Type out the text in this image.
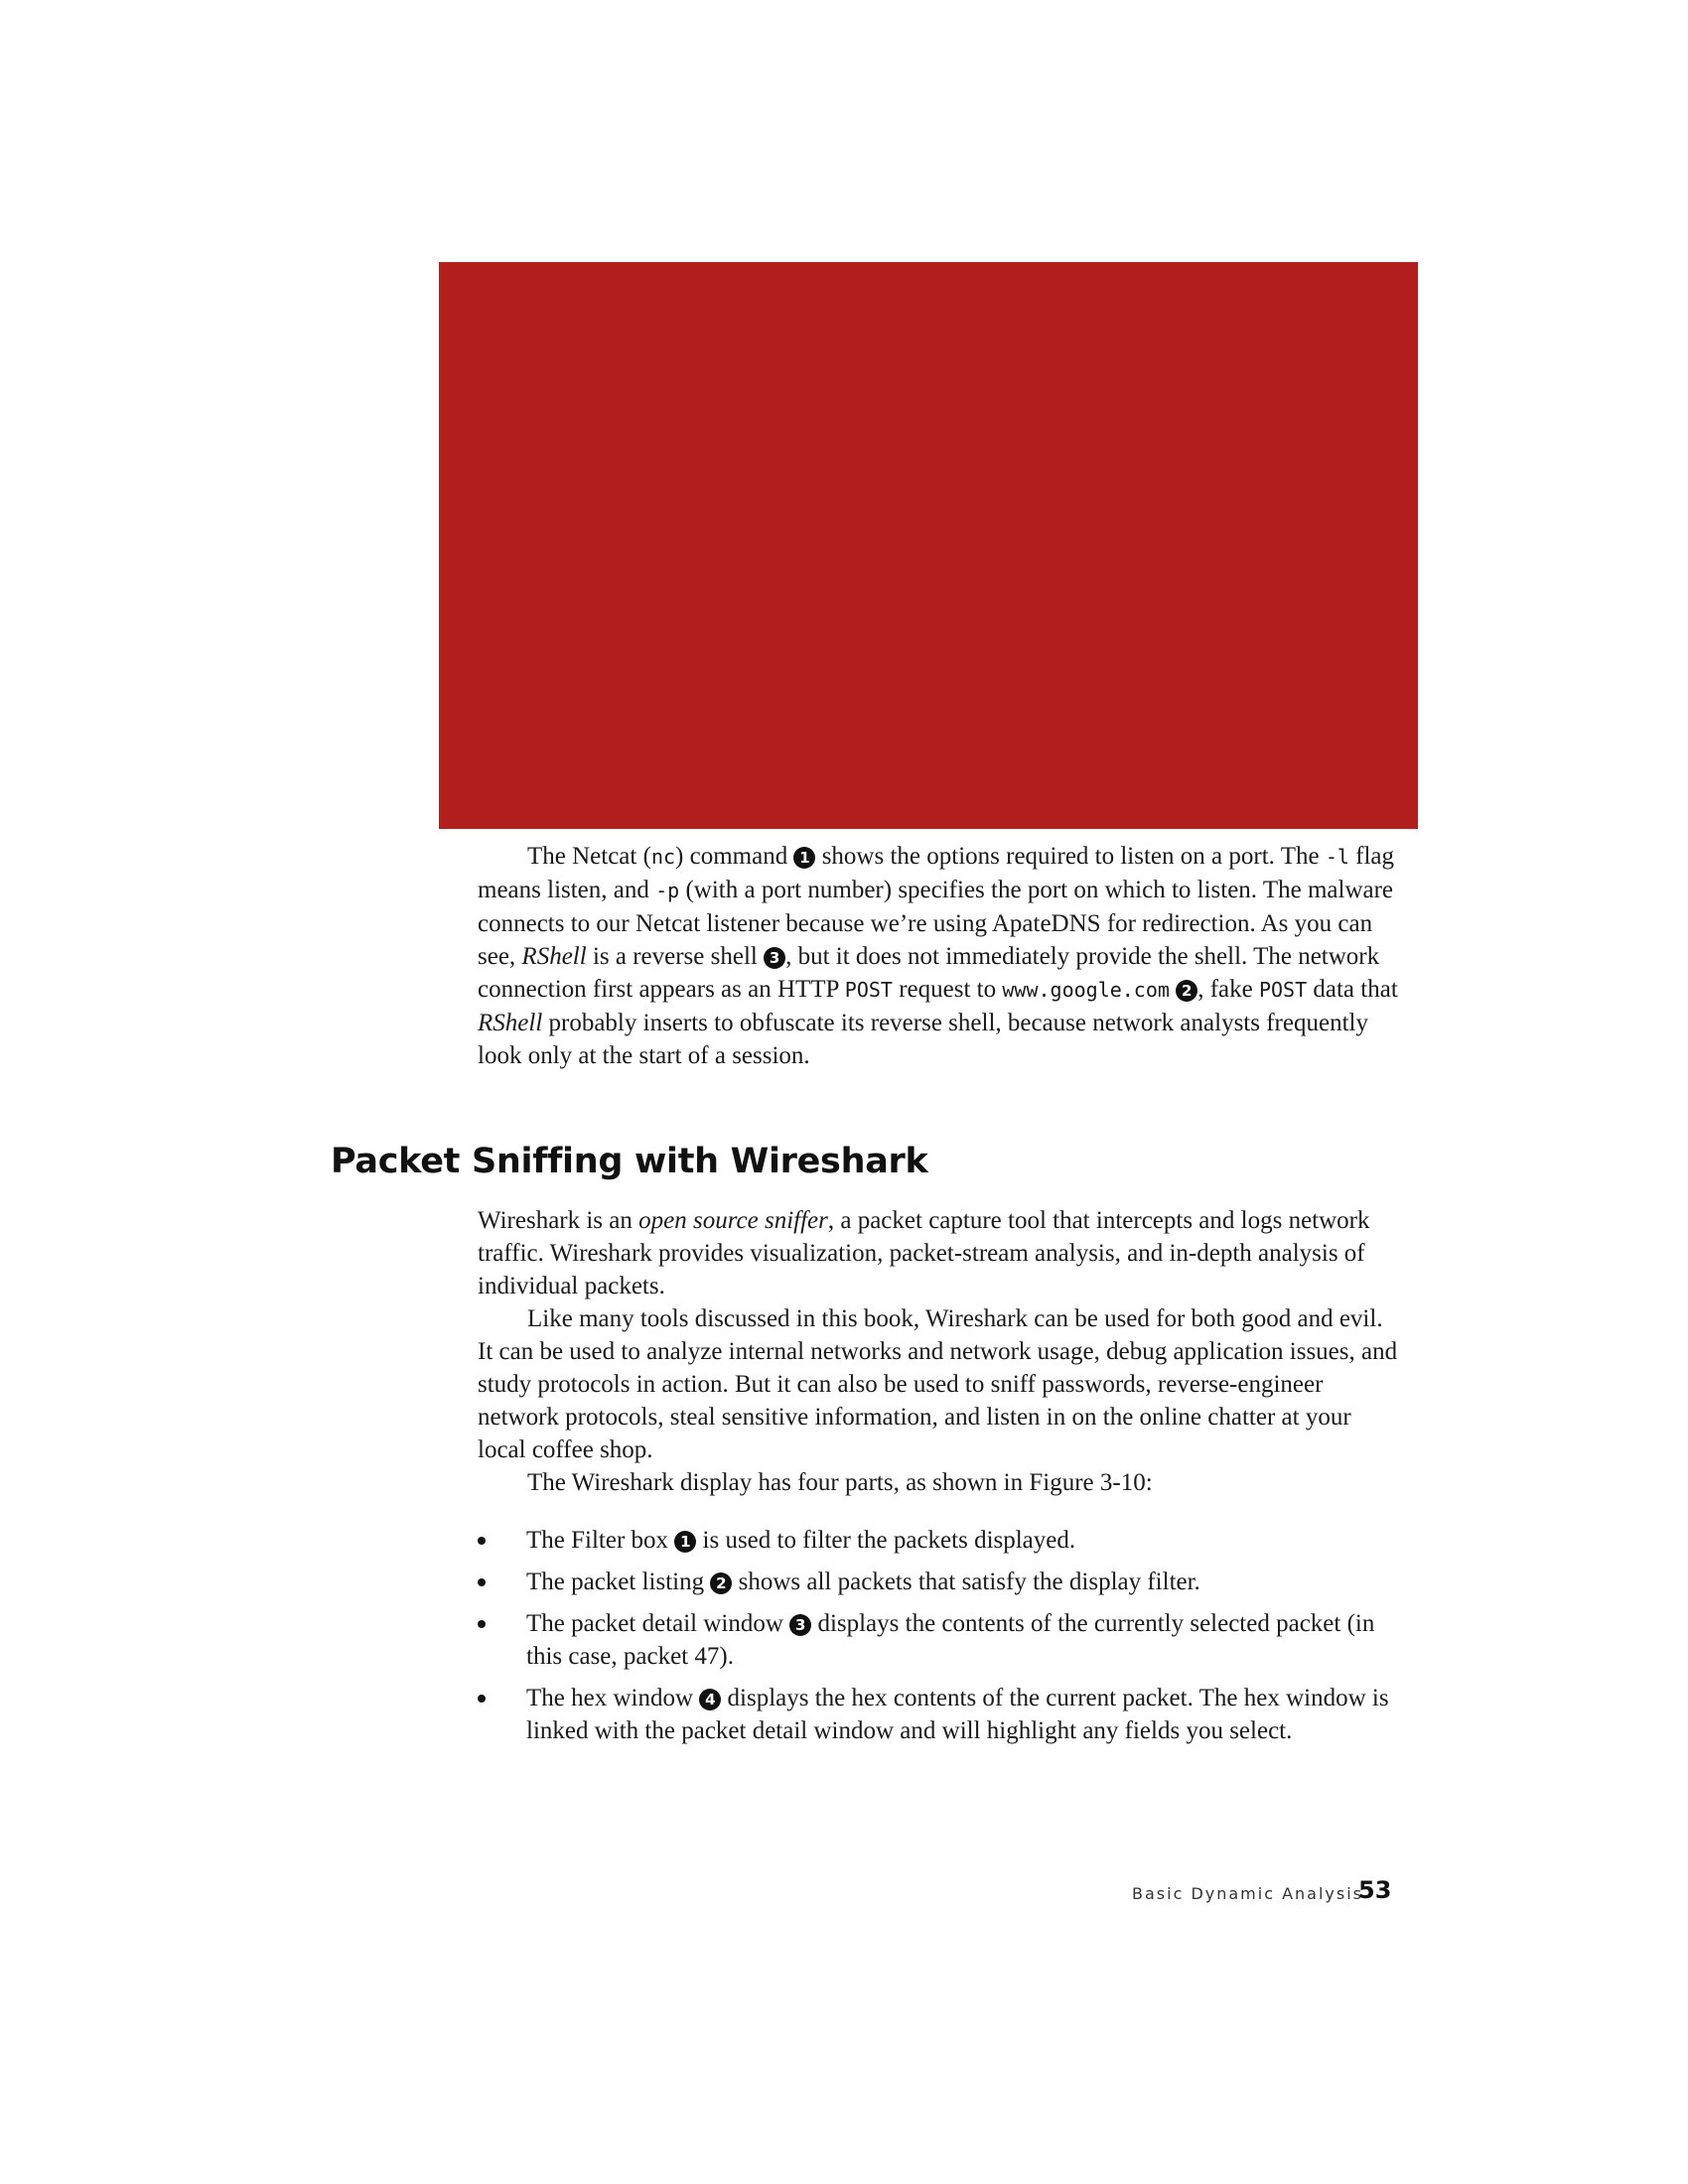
The Netcat (nc) command 1 shows the options required to listen on a port. The -l flag means listen, and -p (with a port number) specifies the port on which to listen. The malware connects to our Netcat listener because we’re using ApateDNS for redirection. As you can see, RShell is a reverse shell 3 , but it does not immediately provide the shell. The network connection first appears as an HTTP POST request to www.google.com 2 , fake POST data that RShell probably inserts to obfuscate its reverse shell, because network analysts frequently look only at the start of a session.

Packet Sniffing with Wireshark

Wireshark is an open source sniffer, a packet capture tool that intercepts and logs network traffic. Wireshark provides visualization, packet-stream analysis, and in-depth analysis of individual packets.

Like many tools discussed in this book, Wireshark can be used for both good and evil. It can be used to analyze internal networks and network usage, debug application issues, and study protocols in action. But it can also be used to sniff passwords, reverse-engineer network protocols, steal sensitive information, and listen in on the online chatter at your local coffee shop.

The Wireshark display has four parts, as shown in Figure 3-10:

The Filter box 1 is used to filter the packets displayed.
The packet listing 2 shows all packets that satisfy the display filter.
The packet detail window 3 displays the contents of the currently selected packet (in this case, packet 47).
The hex window 4 displays the hex contents of the current packet. The hex window is linked with the packet detail window and will highlight any fields you select.
Basic Dynamic Analysis
53
